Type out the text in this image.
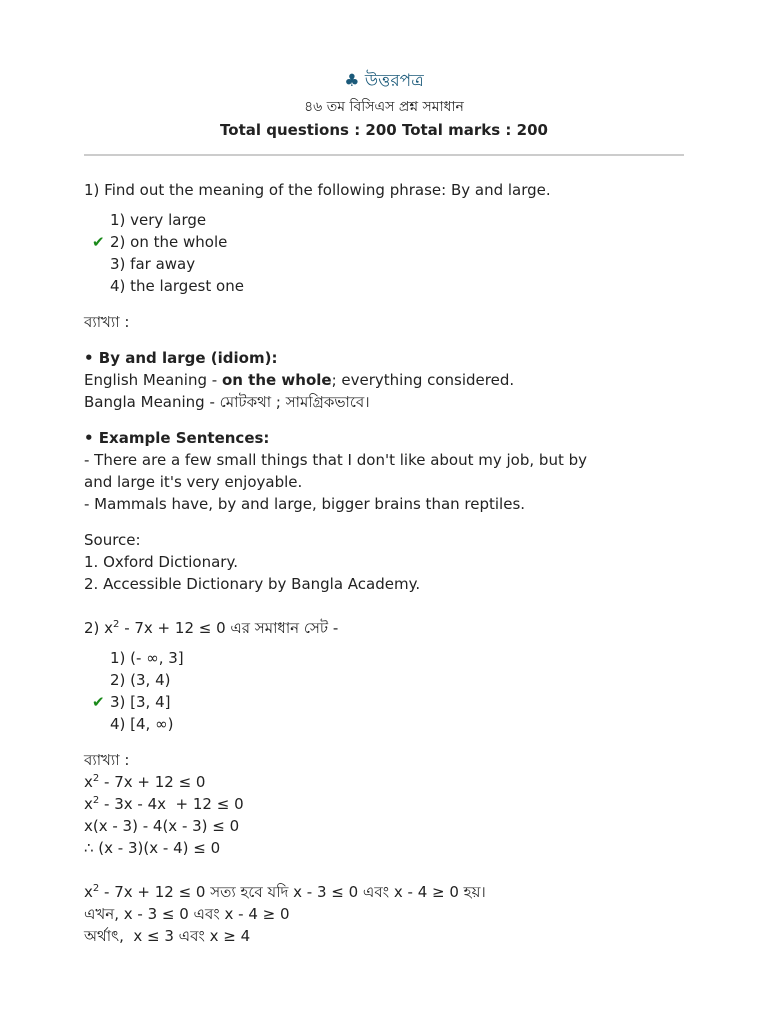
♣ উত্তরপত্র
৪৬ তম বিসিএস প্রশ্ন সমাধান
Total questions : 200 Total marks : 200

1) Find out the meaning of the following phrase: By and large.

1) very large
✔ 2) on the whole
3) far away
4) the largest one

ব্যাখ্যা :

• By and large (idiom):

English Meaning - on the whole; everything considered.

Bangla Meaning - মোটকথা ; সামগ্রিকভাবে।

• Example Sentences:

- There are a few small things that I don't like about my job, but by and large it's very enjoyable.

- Mammals have, by and large, bigger brains than reptiles.

Source:

1. Oxford Dictionary.

2. Accessible Dictionary by Bangla Academy.

2) $x^2 - 7x + 12 \le 0$ এর সমাধান সেট -

1) (- ∞, 3]
2) (3, 4)
✔ 3) [3, 4]
4) [4, ∞)

ব্যাখ্যা :

$x^2 - 7x + 12 \le 0$

$x^2 - 3x - 4x + 12 \le 0$

x(x - 3) - 4(x - 3) ≤ 0

∴ (x - 3)(x - 4) ≤ 0

$x^2 - 7x + 12 \le 0$ সত্য হবে যদি x - 3 ≤ 0 এবং x - 4 ≥ 0 হয়।

এখন, x - 3 ≤ 0 এবং x - 4 ≥ 0

অর্থাৎ,  x ≤ 3 এবং x ≥ 4
